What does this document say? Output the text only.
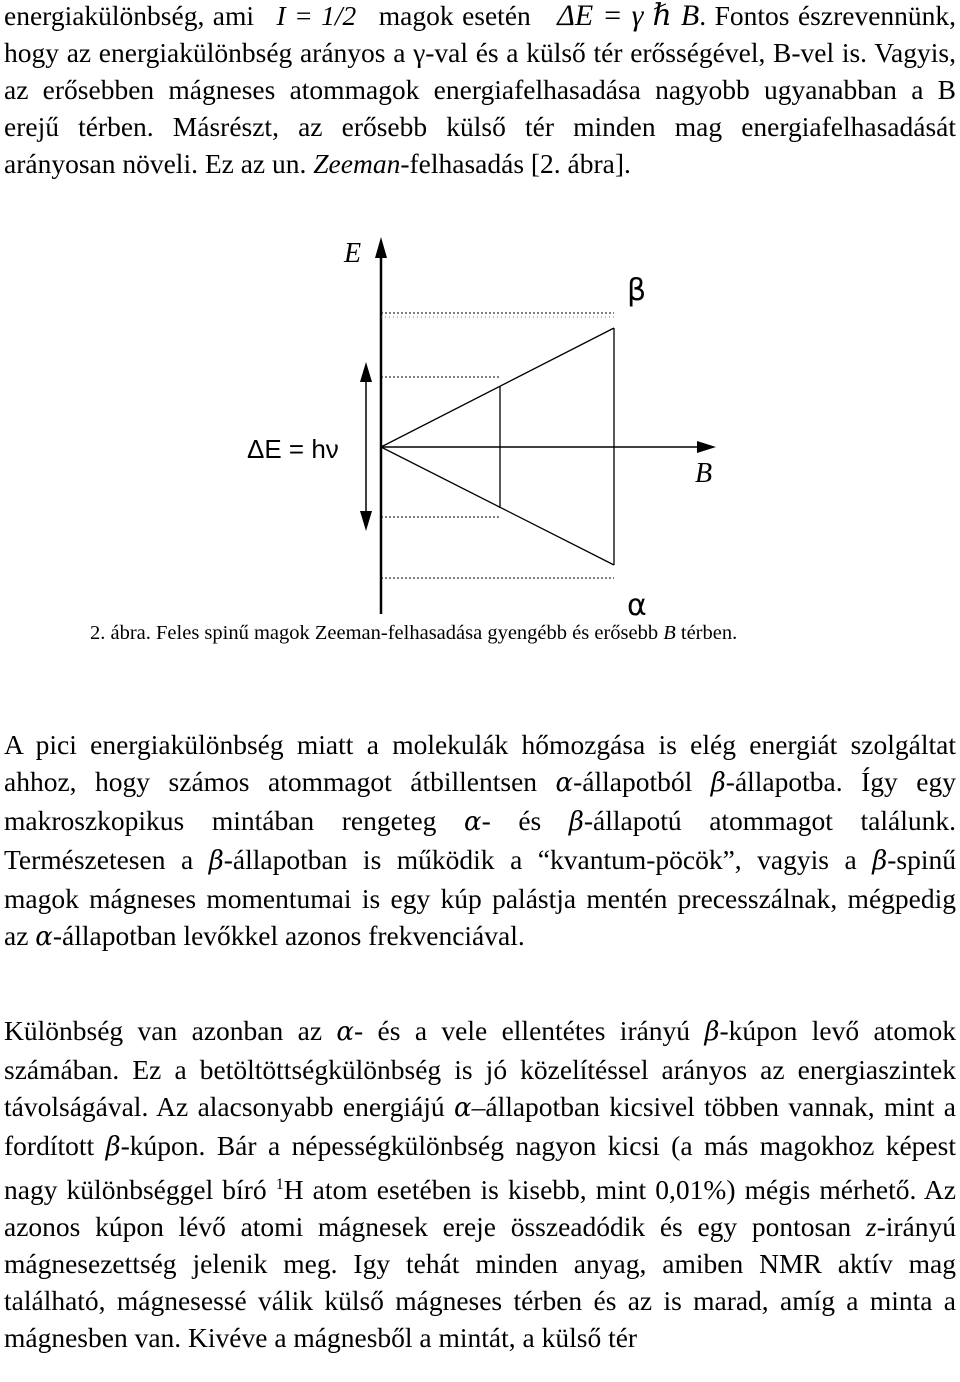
energiakülönbség, ami I = 1/2 magok esetén ΔE = γ ℏ B. Fontos észrevennünk, hogy az energiakülönbség arányos a γ-val és a külső tér erősségével, B-vel is. Vagyis, az erősebben mágneses atommagok energiafelhasadása nagyobb ugyanabban a B erejű térben. Másrészt, az erősebb külső tér minden mag energiafelhasadását arányosan növeli. Ez az un. Zeeman-felhasadás [2. ábra].
E
B
ΔE = hν
β
α
2. ábra. Feles spinű magok Zeeman-felhasadása gyengébb és erősebb B térben.
A pici energiakülönbség miatt a molekulák hőmozgása is elég energiát szolgáltat ahhoz, hogy számos atommagot átbillentsen α-állapotból β-állapotba. Így egy makroszkopikus mintában rengeteg α- és β-állapotú atommagot találunk. Természetesen a β-állapotban is működik a “kvantum-pöcök”, vagyis a β-spinű magok mágneses momentumai is egy kúp palástja mentén precesszálnak, mégpedig az α-állapotban levőkkel azonos frekvenciával.
Különbség van azonban az α- és a vele ellentétes irányú β-kúpon levő atomok számában. Ez a betöltöttségkülönbség is jó közelítéssel arányos az energiaszintek távolságával. Az alacsonyabb energiájú α–állapotban kicsivel többen vannak, mint a fordított β-kúpon. Bár a népességkülönbség nagyon kicsi (a más magokhoz képest nagy különbséggel bíró $^1$H atom esetében is kisebb, mint 0,01%) mégis mérhető. Az azonos kúpon lévő atomi mágnesek ereje összeadódik és egy pontosan z-irányú mágnesezettség jelenik meg. Igy tehát minden anyag, amiben NMR aktív mag található, mágnesessé válik külső mágneses térben és az is marad, amíg a minta a mágnesben van. Kivéve a mágnesből a mintát, a külső tér
